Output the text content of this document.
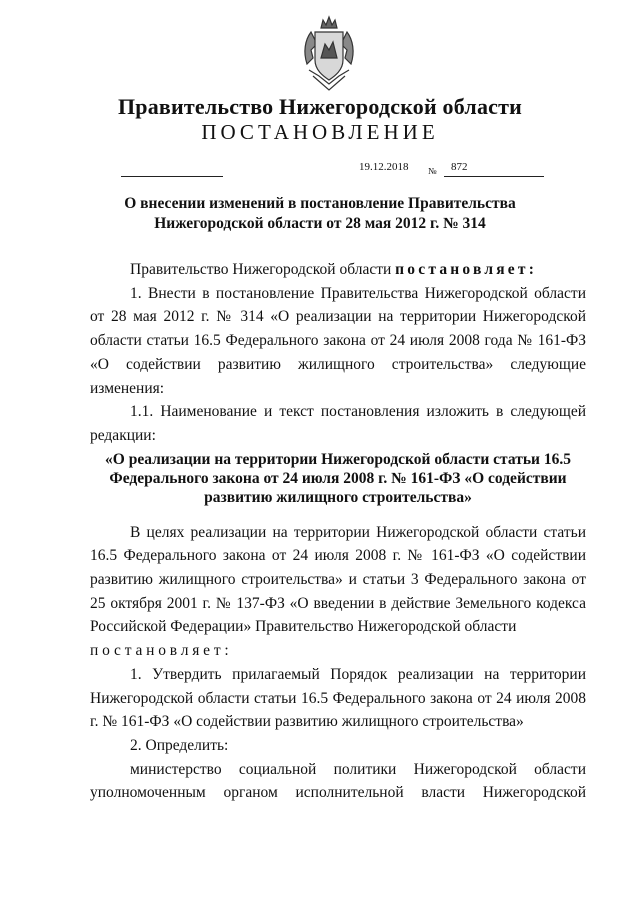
Правительство Нижегородской области
ПОСТАНОВЛЕНИЕ
19.12.2018 № 872
О внесении изменений в постановление Правительства
Нижегородской области от 28 мая 2012 г. № 314

Правительство Нижегородской области постановляет:

1. Внести в постановление Правительства Нижегородской области от 28 мая 2012 г. № 314 «О реализации на территории Нижегородской области статьи 16.5 Федерального закона от 24 июля 2008 года № 161-ФЗ «О содействии развитию жилищного строительства» следующие изменения:

1.1. Наименование и текст постановления изложить в следующей редакции:

«О реализации на территории Нижегородской области статьи 16.5 Федерального закона от 24 июля 2008 г. № 161-ФЗ «О содействии развитию жилищного строительства»

В целях реализации на территории Нижегородской области статьи 16.5 Федерального закона от 24 июля 2008 г. № 161-ФЗ «О содействии развитию жилищного строительства» и статьи 3 Федерального закона от 25 октября 2001 г. № 137-ФЗ «О введении в действие Земельного кодекса Российской Федерации» Правительство Нижегородской области

постановляет:

1. Утвердить прилагаемый Порядок реализации на территории Нижегородской области статьи 16.5 Федерального закона от 24 июля 2008 г. № 161-ФЗ «О содействии развитию жилищного строительства»

2. Определить:

министерство социальной политики Нижегородской области уполномоченным органом исполнительной власти Нижегородской
